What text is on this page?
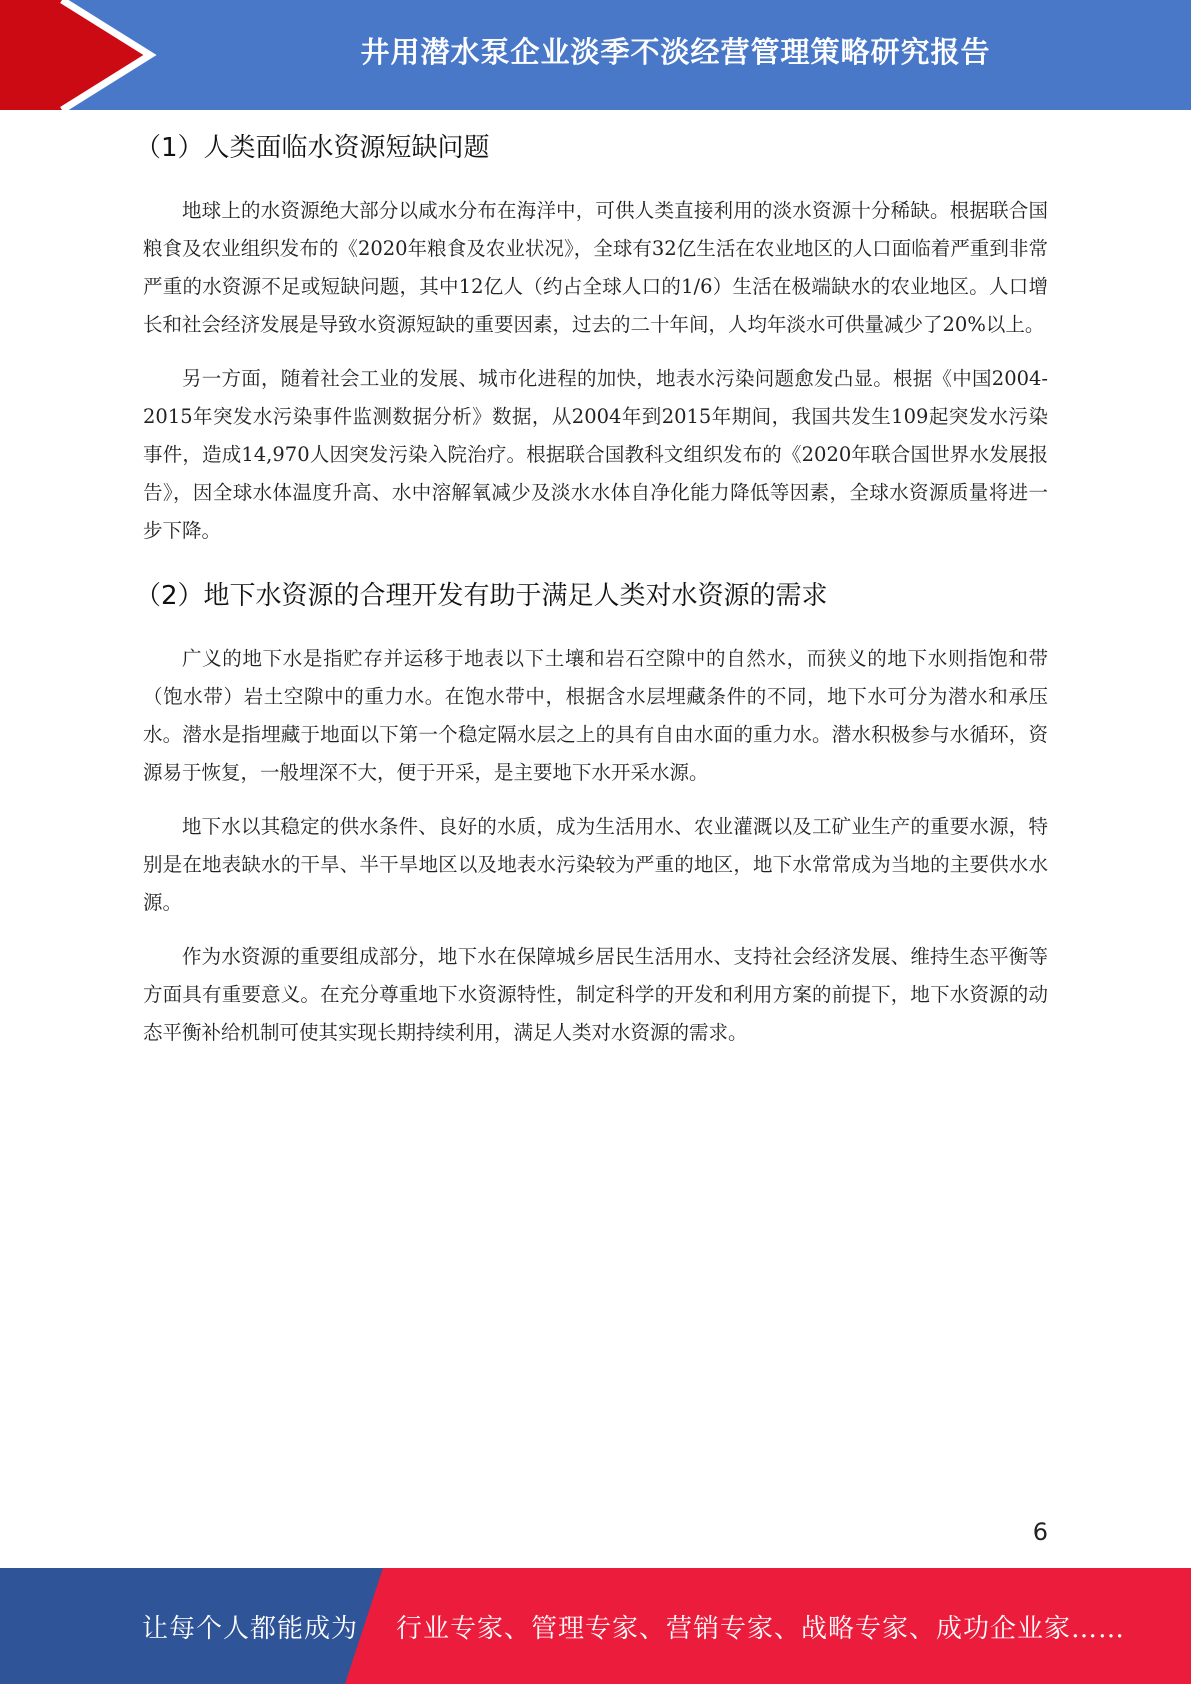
井用潜水泵企业淡季不淡经营管理策略研究报告
（1）人类面临水资源短缺问题

地球上的水资源绝大部分以咸水分布在海洋中，可供人类直接利用的淡水资源十分稀缺。根据联合国粮食及农业组织发布的《2020年粮食及农业状况》，全球有32亿生活在农业地区的人口面临着严重到非常严重的水资源不足或短缺问题，其中12亿人（约占全球人口的1/6）生活在极端缺水的农业地区。人口增长和社会经济发展是导致水资源短缺的重要因素，过去的二十年间，人均年淡水可供量减少了20%以上。

另一方面，随着社会工业的发展、城市化进程的加快，地表水污染问题愈发凸显。根据《中国2004-2015年突发水污染事件监测数据分析》数据，从2004年到2015年期间，我国共发生109起突发水污染事件，造成14,970人因突发污染入院治疗。根据联合国教科文组织发布的《2020年联合国世界水发展报告》，因全球水体温度升高、水中溶解氧减少及淡水水体自净化能力降低等因素，全球水资源质量将进一步下降。

（2）地下水资源的合理开发有助于满足人类对水资源的需求

广义的地下水是指贮存并运移于地表以下土壤和岩石空隙中的自然水，而狭义的地下水则指饱和带（饱水带）岩土空隙中的重力水。在饱水带中，根据含水层埋藏条件的不同，地下水可分为潜水和承压水。潜水是指埋藏于地面以下第一个稳定隔水层之上的具有自由水面的重力水。潜水积极参与水循环，资源易于恢复，一般埋深不大，便于开采，是主要地下水开采水源。

地下水以其稳定的供水条件、良好的水质，成为生活用水、农业灌溉以及工矿业生产的重要水源，特别是在地表缺水的干旱、半干旱地区以及地表水污染较为严重的地区，地下水常常成为当地的主要供水水源。

作为水资源的重要组成部分，地下水在保障城乡居民生活用水、支持社会经济发展、维持生态平衡等方面具有重要意义。在充分尊重地下水资源特性，制定科学的开发和利用方案的前提下，地下水资源的动态平衡补给机制可使其实现长期持续利用，满足人类对水资源的需求。

6
让每个人都能成为 行业专家、管理专家、营销专家、战略专家、成功企业家……
